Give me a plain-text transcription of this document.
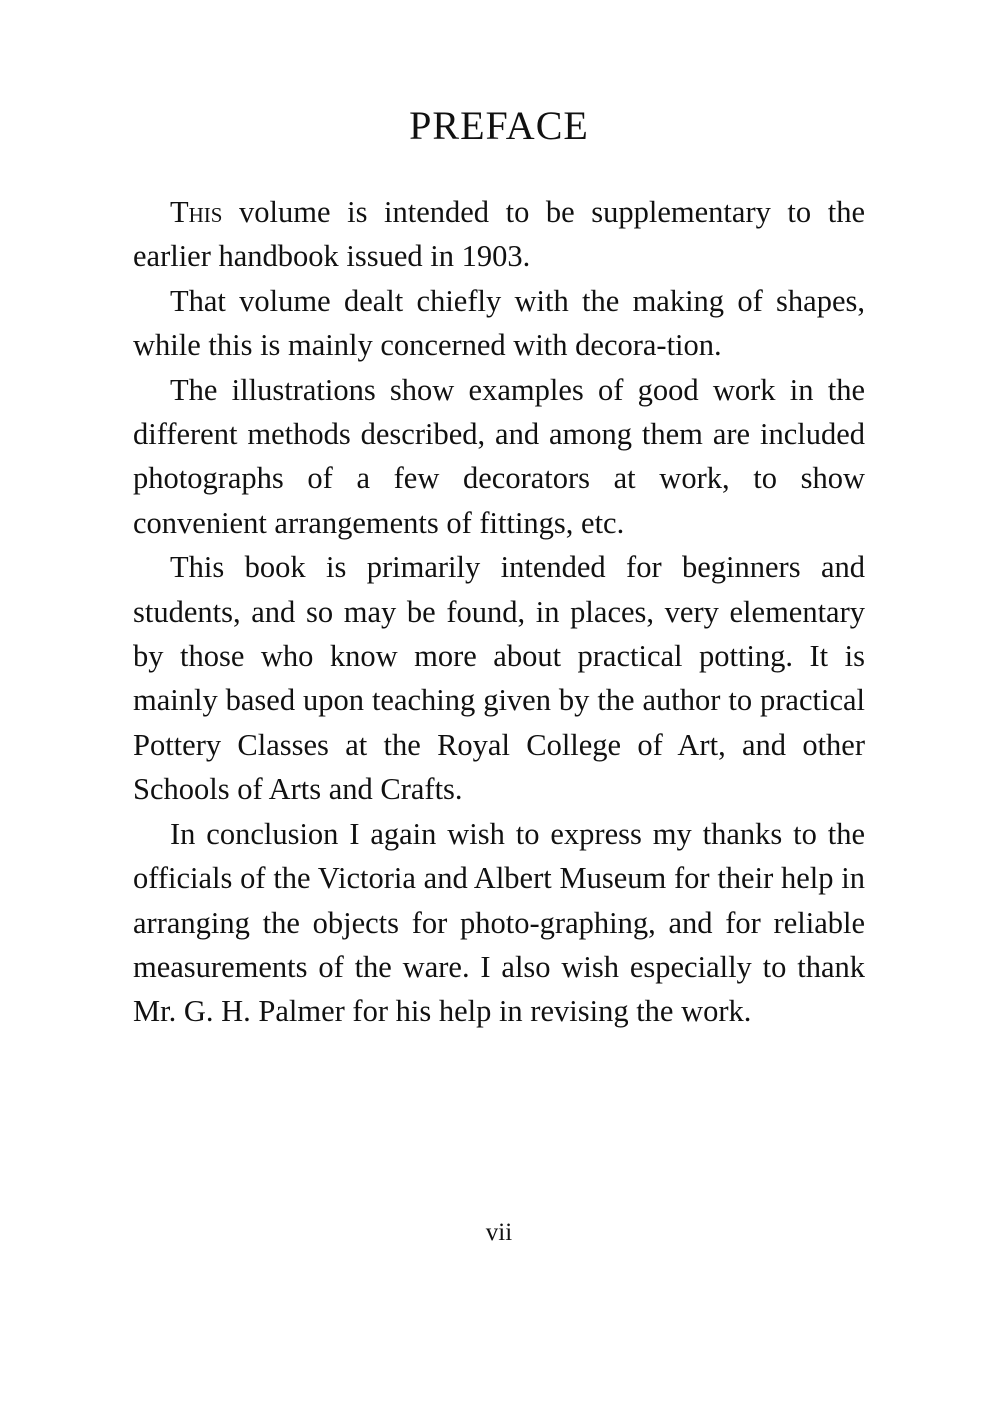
PREFACE

This volume is intended to be supplementary to the earlier handbook issued in 1903.

That volume dealt chiefly with the making of shapes, while this is mainly concerned with decora-tion.

The illustrations show examples of good work in the different methods described, and among them are included photographs of a few decorators at work, to show convenient arrangements of fittings, etc.

This book is primarily intended for beginners and students, and so may be found, in places, very elementary by those who know more about practical potting. It is mainly based upon teaching given by the author to practical Pottery Classes at the Royal College of Art, and other Schools of Arts and Crafts.

In conclusion I again wish to express my thanks to the officials of the Victoria and Albert Museum for their help in arranging the objects for photo-graphing, and for reliable measurements of the ware. I also wish especially to thank Mr. G. H. Palmer for his help in revising the work.

vii
